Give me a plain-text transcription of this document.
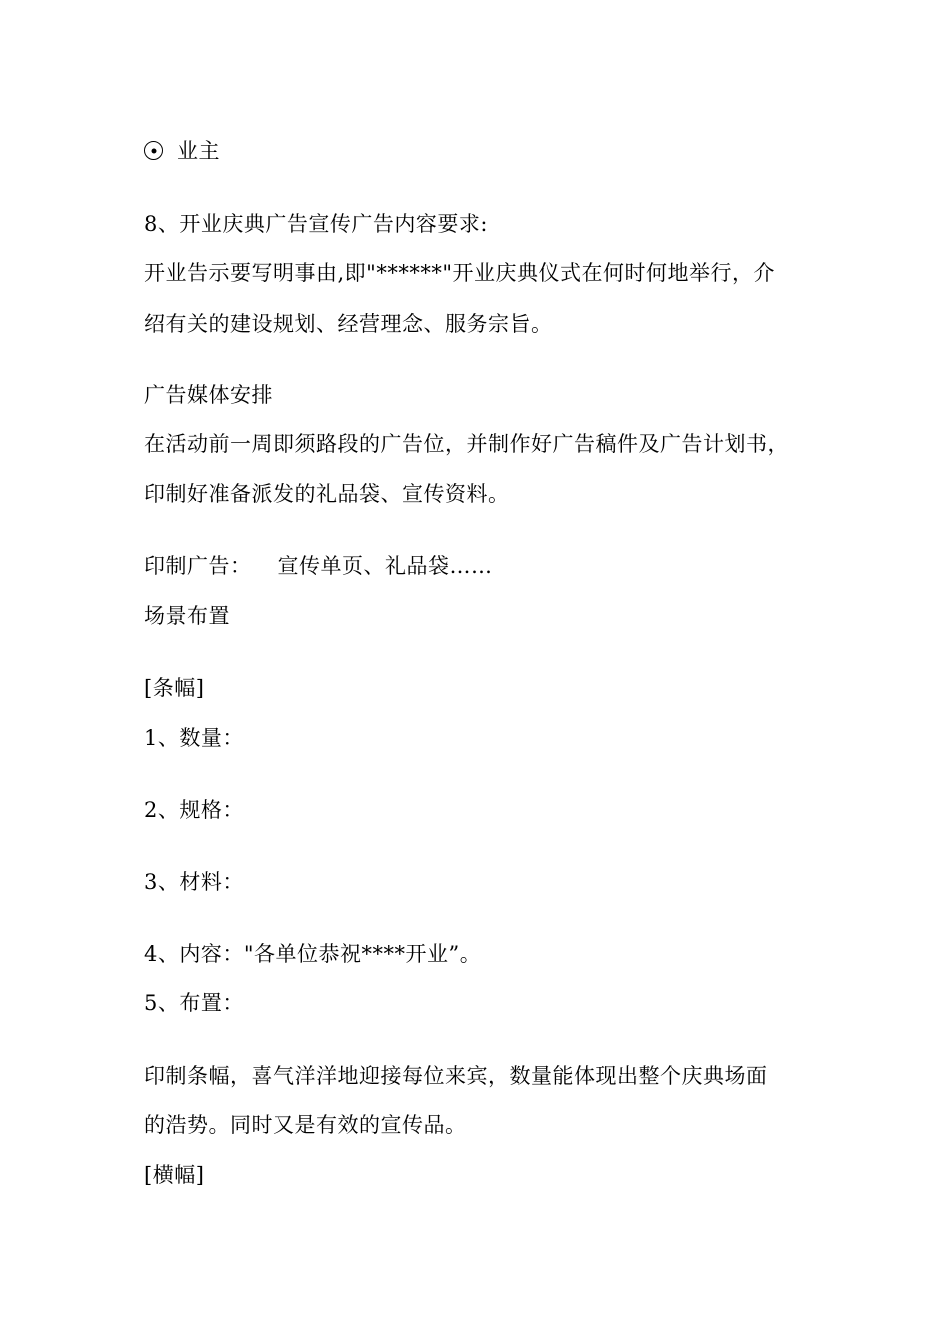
业主
8、开业庆典广告宣传广告内容要求:
开业告示要写明事由,即"******"开业庆典仪式在何时何地举行，介
绍有关的建设规划、经营理念、服务宗旨。
广告媒体安排
在活动前一周即须路段的广告位，并制作好广告稿件及广告计划书，
印制好准备派发的礼品袋、宣传资料。
印制广告： 宣传单页、礼品袋……
场景布置
[条幅]
1、数量：
2、规格：
3、材料：
4、内容："各单位恭祝****开业”。
5、布置：
印制条幅，喜气洋洋地迎接每位来宾，数量能体现出整个庆典场面
的浩势。同时又是有效的宣传品。
[横幅]
